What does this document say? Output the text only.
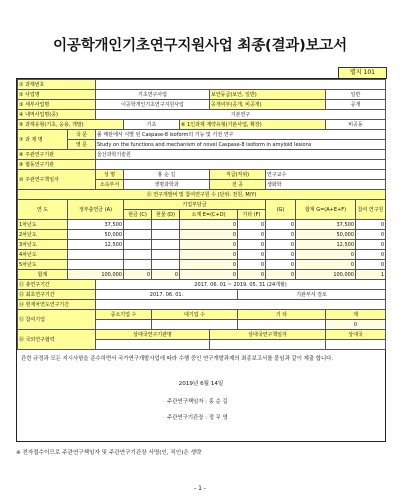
이공학개인기초연구지원사업 최종(결과)보고서
별지 101
① 과제번호											
② 사업명		기초연구사업				보안등급(보안, 일반)				일반	
③ 세부사업명		이공학개인기초연구지원사업				공개여부(공개, 비공개)				공개	
④ 내역사업명(중)		기본연구									
⑤ 과제유형(기초, 응용, 개발)			기초		⑥ 1인과제 계약유형(기본사업, 확장)					비공동	
⑦ 과 제 명	국 문	폴 메탄에서 식별 된 Caspase-8 isoform의 기능 및 기전 연구									
	영 문	Study on the functions and mechanism of novel Caspase-8 isoform in amyloid lesions									
⑧ 주관연구기관		울산과학기술원									
⑨ 협동연구기관											
⑩ 주관연구책임자		성 명	홍 순 길			직급(직위)		연구교수			
		소속부서	생명과학과			전 공		생화학			
⑪ 연구개발비 및 참여연구원 수 (단위: 천원, M/Y)											
연 도	정부출연금 (A)		기업부담금					(G)	합계 G=(A+E+F)		참여 연구원
			현금 (C)	현물 (D)	소계 E=(C+D)		기타 (F)				
1차년도	37,500				0		0	0	37,500		0
2차년도	50,000				0		0	0	50,000		0
3차년도	12,500				0		0	0	12,500		0
4차년도					0		0	0	0		0
5차년도					0		0	0	0		0
합계	100,000		0	0	0		0	0	100,000		1
⑫ 총연구기간		2017. 06. 01 ~ 2019. 05. 31 (24개월)									
⑬ 최초연구기간		2017. 06. 01.					기관부서 검토				
⑭ 현재차연도연구기간											
⑮ 참여기업		중소기업 수		대기업 수			기 타			계	
										0	
⑯ 국외연구협력		상대국연구기관명				상대국연구책임자				상대국	

관련 규정과 모든 지시사항을 준수하면서 국가연구개발사업에 따라 수행 중인 연구개발과제의 최종보고서를 붙임과 같이 제출 합니다.
2019년 6월 14일
주관연구책임자 : 홍 순 길
주관연구기관장 : 정 무 영
※ 전자접수이므로 주관연구책임자 및 주관연구기관장 서명(인, 직인)은 생략
- 1 -
